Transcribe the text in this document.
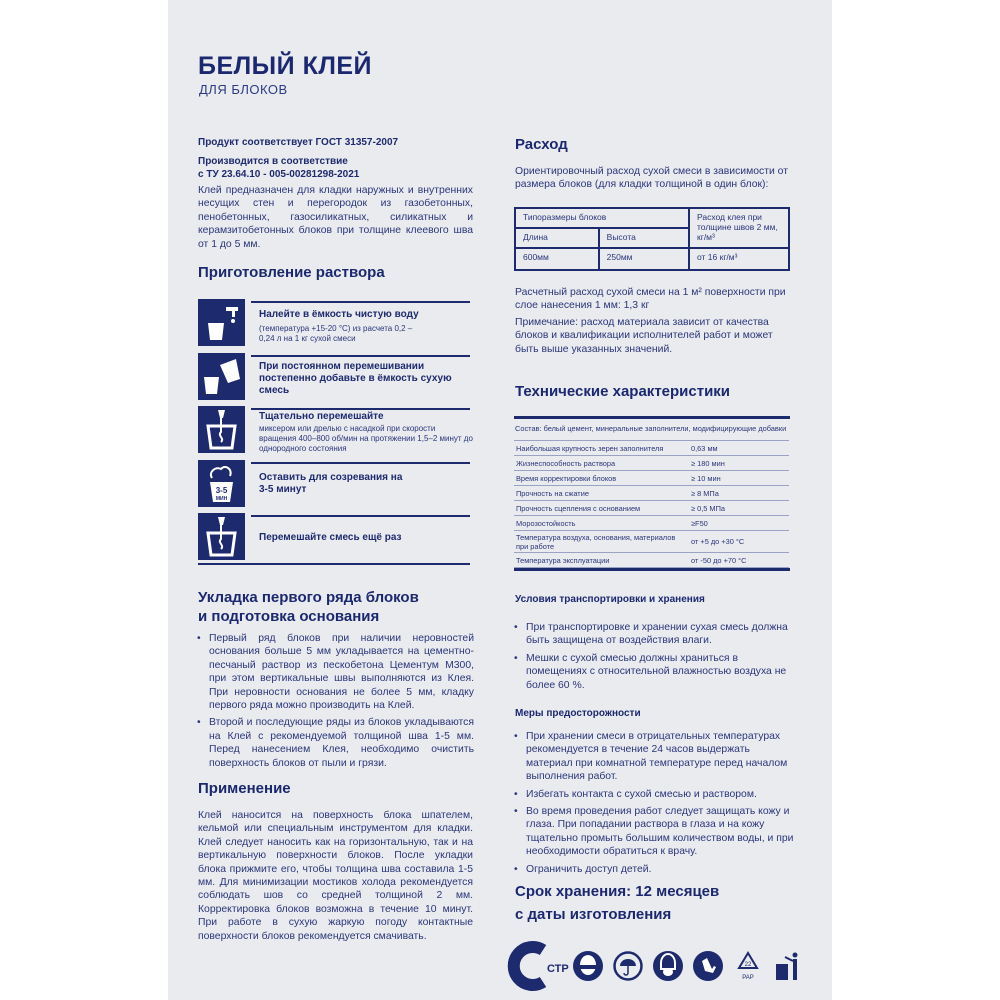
БЕЛЫЙ КЛЕЙ
ДЛЯ БЛОКОВ
Продукт соответствует ГОСТ 31357-2007
Производится в соответствие
с ТУ 23.64.10 - 005-00281298-2021
Клей предназначен для кладки наружных и внутренних несущих стен и перегородок из газобетонных, пенобетонных, газосиликатных, силикатных и керамзитобетонных блоков при толщине клеевого шва от 1 до 5 мм.
Приготовление раствора
Налейте в ёмкость чистую воду
(температура +15-20 °С) из расчета 0,2 – 0,24 л на 1 кг сухой смеси
При постоянном перемешивании постепенно добавьте в ёмкость сухую смесь
Тщательно перемешайте
миксером или дрелью с насадкой при скорости вращения 400–800 об/мин на протяжении 1,5–2 минут до однородного состояния
3-5
МИН
Оставить для созревания на 3-5 минут
Перемешайте смесь ещё раз
Укладка первого ряда блоков
и подготовка основания
• Первый ряд блоков при наличии неровностей основания больше 5 мм укладывается на цементно-песчаный раствор из пескобетона Цементум М300, при этом вертикальные швы выполняются из Клея. При неровности основания не более 5 мм, кладку первого ряда можно производить на Клей.
• Второй и последующие ряды из блоков укладываются на Клей с рекомендуемой толщиной шва 1-5 мм. Перед нанесением Клея, необходимо очистить поверхность блоков от пыли и грязи.
Применение
Клей наносится на поверхность блока шпателем, кельмой или специальным инструментом для кладки. Клей следует наносить как на горизонтальную, так и на вертикальную поверхности блоков. После укладки блока прижмите его, чтобы толщина шва составила 1-5 мм. Для минимизации мостиков холода рекомендуется соблюдать шов со средней толщиной 2 мм. Корректировка блоков возможна в течение 10 минут. При работе в сухую жаркую погоду контактные поверхности блоков рекомендуется смачивать.
Расход
Ориентировочный расход сухой смеси в зависимости от размера блоков (для кладки толщиной в один блок):
Типоразмеры блоков		Расход клея при толщине швов 2 мм, кг/м³
Длина	Высота	
600мм	250мм	от 16 кг/м³
Расчетный расход сухой смеси на 1 м² поверхности при слое нанесения 1 мм: 1,3 кг
Примечание: расход материала зависит от качества блоков и квалификации исполнителей работ и может быть выше указанных значений.
Технические характеристики
Состав: белый цемент, минеральные заполнители, модифицирующие добавки
Наибольшая крупность зерен заполнителя	0,63 мм
Жизнеспособность раствора	≥ 180 мин
Время корректировки блоков	≥ 10 мин
Прочность на сжатие	≥ 8 МПа
Прочность сцепления с основанием	≥ 0,5 МПа
Морозостойкость	≥F50
Температура воздуха, основания, материалов при работе	от +5 до +30 °С
Температура эксплуатации	от -50 до +70 °С
Условия транспортировки и хранения
• При транспортировке и хранении сухая смесь должна быть защищена от воздействия влаги.
• Мешки с сухой смесью должны храниться в помещениях с относительной влажностью воздуха не более 60 %.
Меры предосторожности
• При хранении смеси в отрицательных температурах рекомендуется в течение 24 часов выдержать материал при комнатной температуре перед началом выполнения работ.
• Избегать контакта с сухой смесью и раствором.
• Во время проведения работ следует защищать кожу и глаза. При попадании раствора в глаза и на кожу тщательно промыть большим количеством воды, и при необходимости обратиться к врачу.
• Ограничить доступ детей.
Срок хранения: 12 месяцев
с даты изготовления
СТР	22
PAP
